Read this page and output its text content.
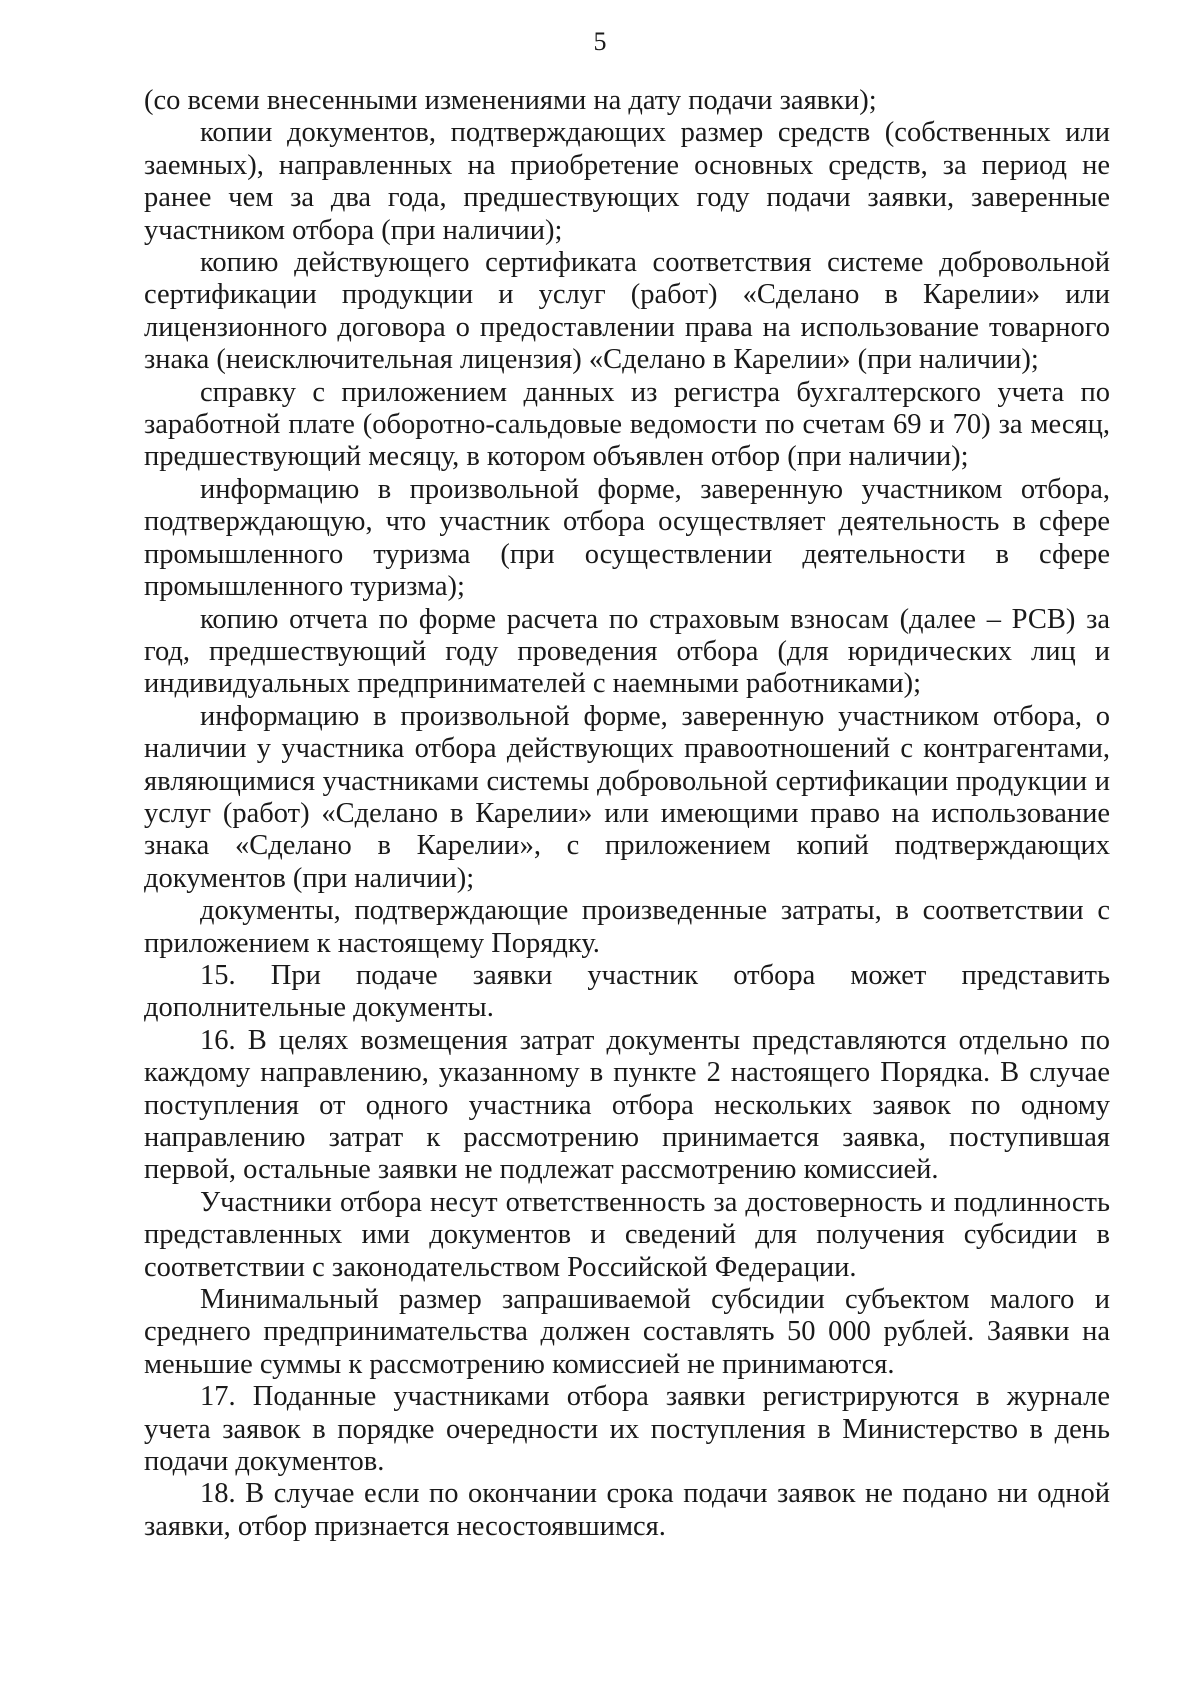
5

(со всеми внесенными изменениями на дату подачи заявки);

копии документов, подтверждающих размер средств (собственных или заемных), направленных на приобретение основных средств, за период не ранее чем за два года, предшествующих году подачи заявки, заверенные участником отбора (при наличии);

копию действующего сертификата соответствия системе добровольной сертификации продукции и услуг (работ) «Сделано в Карелии» или лицензионного договора о предоставлении права на использование товарного знака (неисключительная лицензия) «Сделано в Карелии» (при наличии);

справку с приложением данных из регистра бухгалтерского учета по заработной плате (оборотно-сальдовые ведомости по счетам 69 и 70) за месяц, предшествующий месяцу, в котором объявлен отбор (при наличии);

информацию в произвольной форме, заверенную участником отбора, подтверждающую, что участник отбора осуществляет деятельность в сфере промышленного туризма (при осуществлении деятельности в сфере промышленного туризма);

копию отчета по форме расчета по страховым взносам (далее – РСВ) за год, предшествующий году проведения отбора (для юридических лиц и индивидуальных предпринимателей с наемными работниками);

информацию в произвольной форме, заверенную участником отбора, о наличии у участника отбора действующих правоотношений с контрагентами, являющимися участниками системы добровольной сертификации продукции и услуг (работ) «Сделано в Карелии» или имеющими право на использование знака «Сделано в Карелии», с приложением копий подтверждающих документов (при наличии);

документы, подтверждающие произведенные затраты, в соответствии с приложением к настоящему Порядку.

15. При подаче заявки участник отбора может представить дополнительные документы.

16. В целях возмещения затрат документы представляются отдельно по каждому направлению, указанному в пункте 2 настоящего Порядка. В случае поступления от одного участника отбора нескольких заявок по одному направлению затрат к рассмотрению принимается заявка, поступившая первой, остальные заявки не подлежат рассмотрению комиссией.

Участники отбора несут ответственность за достоверность и подлинность представленных ими документов и сведений для получения субсидии в соответствии с законодательством Российской Федерации.

Минимальный размер запрашиваемой субсидии субъектом малого и среднего предпринимательства должен составлять 50 000 рублей. Заявки на меньшие суммы к рассмотрению комиссией не принимаются.

17. Поданные участниками отбора заявки регистрируются в журнале учета заявок в порядке очередности их поступления в Министерство в день подачи документов.

18. В случае если по окончании срока подачи заявок не подано ни одной заявки, отбор признается несостоявшимся.
